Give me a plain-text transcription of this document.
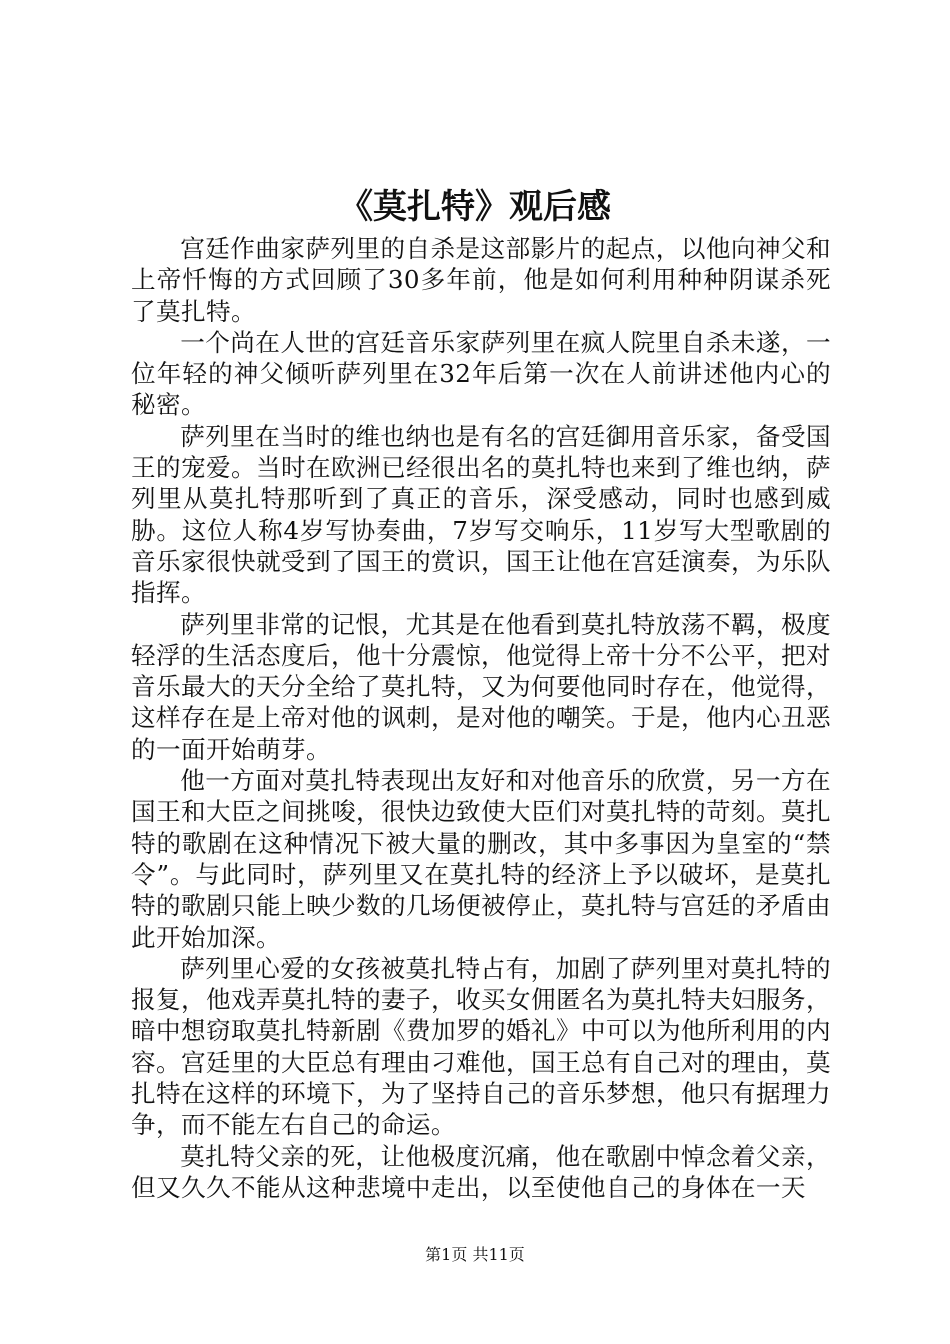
《莫扎特》观后感

宫廷作曲家萨列里的自杀是这部影片的起点，以他向神父和上帝忏悔的方式回顾了30多年前，他是如何利用种种阴谋杀死了莫扎特。

一个尚在人世的宫廷音乐家萨列里在疯人院里自杀未遂，一位年轻的神父倾听萨列里在32年后第一次在人前讲述他内心的秘密。

萨列里在当时的维也纳也是有名的宫廷御用音乐家，备受国王的宠爱。当时在欧洲已经很出名的莫扎特也来到了维也纳，萨列里从莫扎特那听到了真正的音乐，深受感动，同时也感到威胁。这位人称4岁写协奏曲，7岁写交响乐，11岁写大型歌剧的音乐家很快就受到了国王的赏识，国王让他在宫廷演奏，为乐队指挥。

萨列里非常的记恨，尤其是在他看到莫扎特放荡不羁，极度轻浮的生活态度后，他十分震惊，他觉得上帝十分不公平，把对音乐最大的天分全给了莫扎特，又为何要他同时存在，他觉得，这样存在是上帝对他的讽刺，是对他的嘲笑。于是，他内心丑恶的一面开始萌芽。

他一方面对莫扎特表现出友好和对他音乐的欣赏，另一方在国王和大臣之间挑唆，很快边致使大臣们对莫扎特的苛刻。莫扎特的歌剧在这种情况下被大量的删改，其中多事因为皇室的“禁令”。与此同时，萨列里又在莫扎特的经济上予以破坏，是莫扎特的歌剧只能上映少数的几场便被停止，莫扎特与宫廷的矛盾由此开始加深。

萨列里心爱的女孩被莫扎特占有，加剧了萨列里对莫扎特的报复，他戏弄莫扎特的妻子，收买女佣匿名为莫扎特夫妇服务，暗中想窃取莫扎特新剧《费加罗的婚礼》中可以为他所利用的内容。宫廷里的大臣总有理由刁难他，国王总有自己对的理由，莫扎特在这样的环境下，为了坚持自己的音乐梦想，他只有据理力争，而不能左右自己的命运。

莫扎特父亲的死，让他极度沉痛，他在歌剧中悼念着父亲，但又久久不能从这种悲境中走出，以至使他自己的身体在一天

第1页 共11页
